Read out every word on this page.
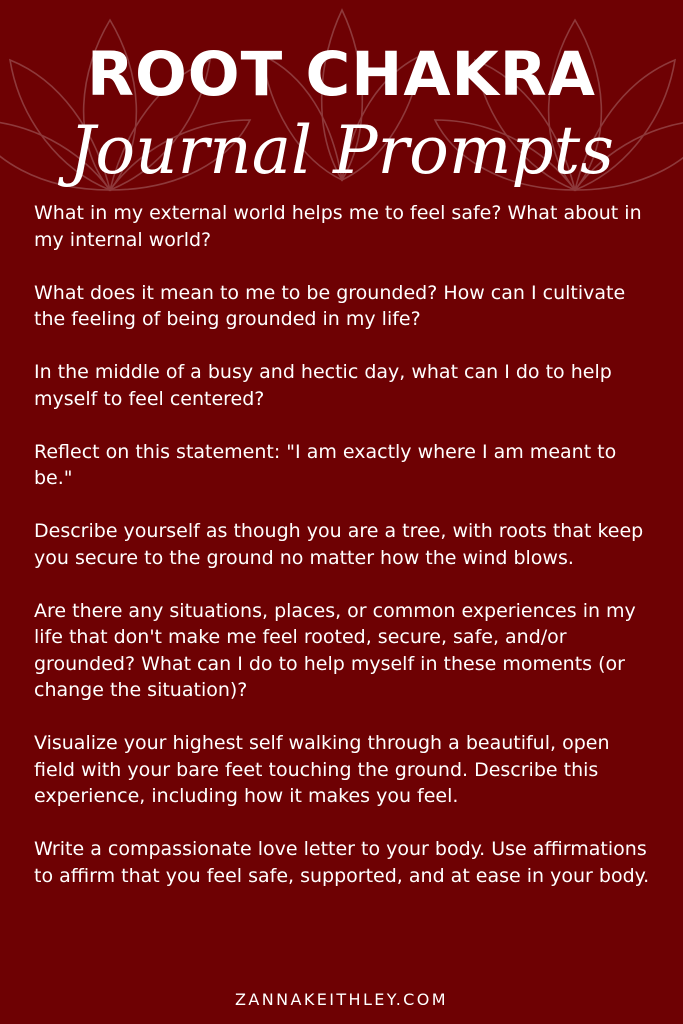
ROOT CHAKRA
Journal Prompts
What in my external world helps me to feel safe? What about in my internal world?
What does it mean to me to be grounded? How can I cultivate the feeling of being grounded in my life?
In the middle of a busy and hectic day, what can I do to help myself to feel centered?
Reflect on this statement: "I am exactly where I am meant to be."
Describe yourself as though you are a tree, with roots that keep you secure to the ground no matter how the wind blows.
Are there any situations, places, or common experiences in my life that don't make me feel rooted, secure, safe, and/or grounded? What can I do to help myself in these moments (or change the situation)?
Visualize your highest self walking through a beautiful, open field with your bare feet touching the ground. Describe this experience, including how it makes you feel.
Write a compassionate love letter to your body. Use affirmations to affirm that you feel safe, supported, and at ease in your body.
ZANNAKEITHLEY.COM
